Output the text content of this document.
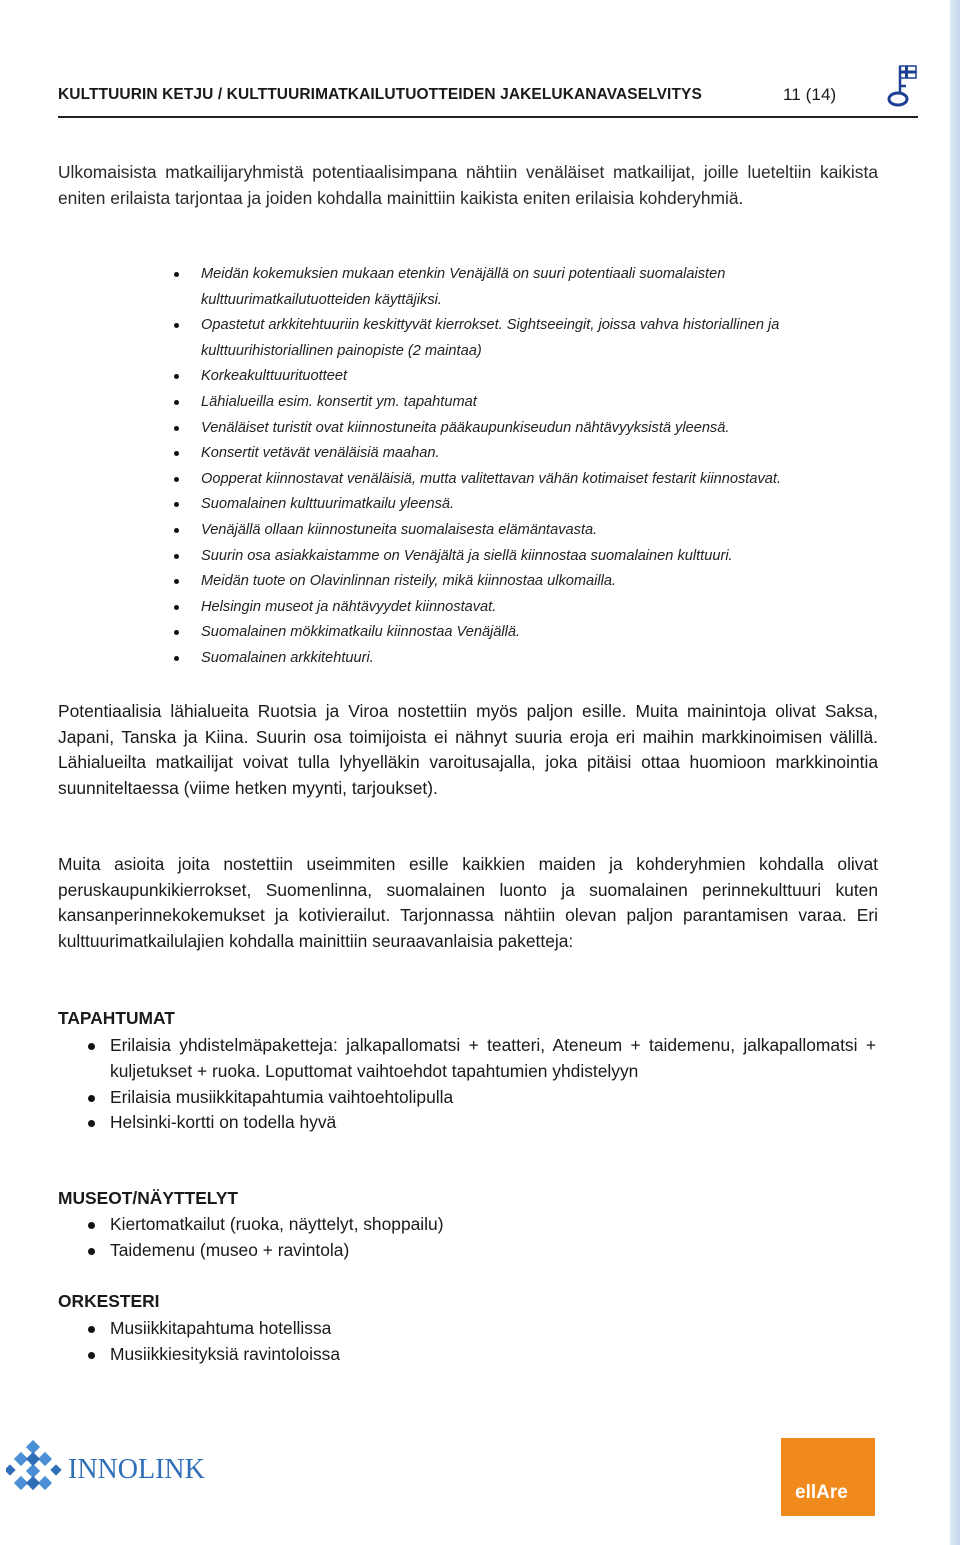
KULTTUURIN KETJU / KULTTUURIMATKAILUTUOTTEIDEN JAKELUKANAVASELVITYS	11 (14)
Ulkomaisista matkailijaryhmistä potentiaalisimpana nähtiin venäläiset matkailijat, joille lueteltiin kaikista eniten erilaista tarjontaa ja joiden kohdalla mainittiin kaikista eniten erilaisia kohderyhmiä.
Meidän kokemuksien mukaan etenkin Venäjällä on suuri potentiaali suomalaisten kulttuurimatkailutuotteiden käyttäjiksi.
Opastetut arkkitehtuuriin keskittyvät kierrokset. Sightseeingit, joissa vahva historiallinen ja kulttuurihistoriallinen painopiste (2 maintaa)
Korkeakulttuurituotteet
Lähialueilla esim. konsertit ym. tapahtumat
Venäläiset turistit ovat kiinnostuneita pääkaupunkiseudun nähtävyyksistä yleensä.
Konsertit vetävät venäläisiä maahan.
Oopperat kiinnostavat venäläisiä, mutta valitettavan vähän kotimaiset festarit kiinnostavat.
Suomalainen kulttuurimatkailu yleensä.
Venäjällä ollaan kiinnostuneita suomalaisesta elämäntavasta.
Suurin osa asiakkaistamme on Venäjältä ja siellä kiinnostaa suomalainen kulttuuri.
Meidän tuote on Olavinlinnan risteily, mikä kiinnostaa ulkomailla.
Helsingin museot ja nähtävyydet kiinnostavat.
Suomalainen mökkimatkailu kiinnostaa Venäjällä.
Suomalainen arkkitehtuuri.
Potentiaalisia lähialueita Ruotsia ja Viroa nostettiin myös paljon esille. Muita mainintoja olivat Saksa, Japani, Tanska ja Kiina. Suurin osa toimijoista ei nähnyt suuria eroja eri maihin markkinoimisen välillä. Lähialueilta matkailijat voivat tulla lyhyelläkin varoitusajalla, joka pitäisi ottaa huomioon markkinointia suunniteltaessa (viime hetken myynti, tarjoukset).
Muita asioita joita nostettiin useimmiten esille kaikkien maiden ja kohderyhmien kohdalla olivat peruskaupunkikierrokset, Suomenlinna, suomalainen luonto ja suomalainen perinnekulttuuri kuten kansanperinnekokemukset ja kotivierailut. Tarjonnassa nähtiin olevan paljon parantamisen varaa. Eri kulttuurimatkailulajien kohdalla mainittiin seuraavanlaisia paketteja:
TAPAHTUMAT
Erilaisia yhdistelmäpaketteja: jalkapallomatsi + teatteri, Ateneum + taidemenu, jalkapallomatsi + kuljetukset + ruoka. Loputtomat vaihtoehdot tapahtumien yhdistelyyn
Erilaisia musiikkitapahtumia vaihtoehtolipulla
Helsinki-kortti on todella hyvä
MUSEOT/NÄYTTELYT
Kiertomatkailut (ruoka, näyttelyt, shoppailu)
Taidemenu (museo + ravintola)
ORKESTERI
Musiikkitapahtuma hotellissa
Musiikkiesityksiä ravintoloissa
INNOLINK
ellAre
